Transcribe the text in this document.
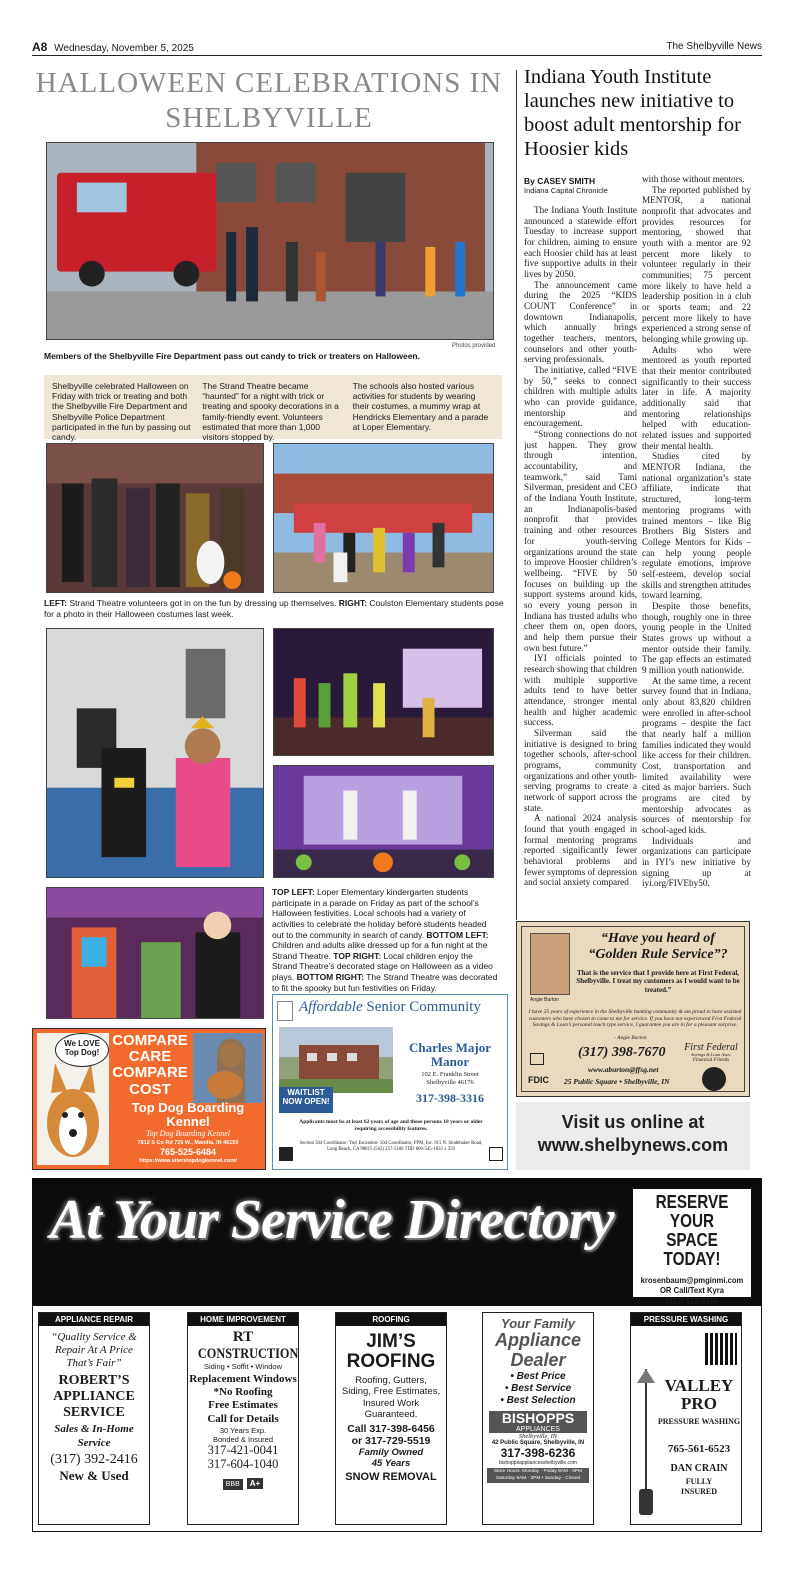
A8 Wednesday, November 5, 2025	The Shelbyville News
HALLOWEEN CELEBRATIONS IN SHELBYVILLE
Photos provided
Members of the Shelbyville Fire Department pass out candy to trick or treaters on Halloween.
Shelbyville celebrated Halloween on Friday with trick or treating and both the Shelbyville Fire Department and Shelbyville Police Department participated in the fun by passing out candy.
The Strand Theatre became “haunted” for a night with trick or treating and spooky decorations in a family-friendly event. Volunteers estimated that more than 1,000 visitors stopped by.
The schools also hosted various activities for students by wearing their costumes, a mummy wrap at Hendricks Elementary and a parade at Loper Elementary.
LEFT: Strand Theatre volunteers got in on the fun by dressing up themselves. RIGHT: Coulston Elementary students pose for a photo in their Halloween costumes last week.
TOP LEFT: Loper Elementary kindergarten students participate in a parade on Friday as part of the school’s Halloween festivities. Local schools had a variety of activities to celebrate the holiday before students headed out to the community in search of candy. BOTTOM LEFT: Children and adults alike dressed up for a fun night at the Strand Theatre. TOP RIGHT: Local children enjoy the Strand Theatre’s decorated stage on Halloween as a video plays. BOTTOM RIGHT: The Strand Theatre was decorated to fit the spooky but fun festivities on Friday.
Indiana Youth Institute launches new initiative to boost adult mentorship for Hoosier kids
By CASEY SMITH
Indiana Capital Chronicle

The Indiana Youth Institute announced a statewide effort Tuesday to increase support for children, aiming to ensure each Hoosier child has at least five supportive adults in their lives by 2050.

The announcement came during the 2025 “KIDS COUNT Conference” in downtown Indianapolis, which annually brings together teachers, mentors, counselors and other youth-serving professionals.

The initiative, called “FIVE by 50,” seeks to connect children with multiple adults who can provide guidance, mentorship and encouragement.

“Strong connections do not just happen. They grow through intention, accountability, and teamwork,” said Tami Silverman, president and CEO of the Indiana Youth Institute, an Indianapolis-based nonprofit that provides training and other resources for youth-serving organizations around the state to improve Hoosier children’s wellbeing. “FIVE by 50 focuses on building up the support systems around kids, so every young person in Indiana has trusted adults who cheer them on, open doors, and help them pursue their own best future.”

IYI officials pointed to research showing that children with multiple supportive adults tend to have better attendance, stronger mental health and higher academic success.

Silverman said the initiative is designed to bring together schools, after-school programs, community organizations and other youth-serving programs to create a network of support across the state.

A national 2024 analysis found that youth engaged in formal mentoring programs reported significantly fewer behavioral problems and fewer symptoms of depression and social anxiety compared

with those without mentors.

The reported published by MENTOR, a national nonprofit that advocates and provides resources for mentoring, showed that youth with a mentor are 92 percent more likely to volunteer regularly in their communities; 75 percent more likely to have held a leadership position in a club or sports team; and 22 percent more likely to have experienced a strong sense of belonging while growing up.

Adults who were mentored as youth reported that their mentor contributed significantly to their success later in life. A majority additionally said that mentoring relationships helped with education-related issues and supported their mental health.

Studies cited by MENTOR Indiana, the national organization’s state affiliate, indicate that structured, long-term mentoring programs with trained mentors – like Big Brothers Big Sisters and College Mentors for Kids – can help young people regulate emotions, improve self-esteem, develop social skills and strengthen attitudes toward learning.

Despite those benefits, though, roughly one in three young people in the United States grows up without a mentor outside their family. The gap effects an estimated 9 million youth nationwide.

At the same time, a recent survey found that in Indiana, only about 83,820 children were enrolled in after-school programs – despite the fact that nearly half a million families indicated they would like access for their children. Cost, transportation and limited availability were cited as major barriers. Such programs are cited by mentorship advocates as sources of mentorship for school-aged kids.

Individuals and organizations can participate in IYI’s new initiative by signing up at iyi.org/FIVEby50.

Angie Burton
“Have you heard of “Golden Rule Service”?
That is the service that I provide here at First Federal, Shelbyville. I treat my customers as I would want to be treated.”
I have 25 years of experience in the Shelbyville banking community & am proud to have assisted customers who have chosen to come to me for service. If you have not experienced First Federal Savings & Loan’s personal touch type service, I guarantee you are in for a pleasant surprise.
- Angie Burton
(317) 398-7670 First Federal
Savings & Loan Assn.
Financial Friends
www.aburton@ffsg.net
FDIC 25 Public Square • Shelbyville, IN
Visit us online at
www.shelbynews.com
We LOVE Top Dog!
COMPARE
CARE
COMPARE
COST
Top Dog Boarding Kennel
Top Dog Boarding Kennel
7812 S Co Rd 725 W., Manilla, IN 46150
765-525-6484
https://www.stierstopdogkennel.com/
Affordable Senior Community
WAITLIST NOW OPEN!
Charles Major Manor
102 E. Franklin Street
Shelbyville 46176
317-398-3316
Applicants must be at least 62 years of age and those persons 18 years or older requiring accessibility features.
Section 504 Coordinator: Yuri Escandon- 504 Coordinator, FPM, Inc. 911 N. Studebaker Road, Long Beach, CA 90815 (562) 257-5100 TDD 800-545-1833 x 359
At Your Service Directory	RESERVE YOUR
SPACE TODAY!
krosenbaum@pmginmi.com
OR Call/Text Kyra
(317) 512-5719
APPLIANCE REPAIR
“Quality Service & Repair At A Price That’s Fair”
ROBERT’S APPLIANCE SERVICE
Sales & In-Home Service
(317) 392-2416
New & Used
HOME IMPROVEMENT
RT
CONSTRUCTION
Siding • Soffit • Window
Replacement Windows
*No Roofing
Free Estimates
Call for Details
30 Years Exp.
Bonded & Insured
317-421-0041
317-604-1040
BBB A+
ROOFING
JIM’S
ROOFING
Roofing, Gutters, Siding, Free Estimates, Insured Work Guaranteed.
Call 317-398-6456
or 317-729-5519
Family Owned
45 Years
SNOW REMOVAL
Your Family
Appliance
Dealer
• Best Price
• Best Service
• Best Selection
BISHOPPS
APPLIANCES
Shelbyville, IN
42 Public Square, Shelbyville, IN
317-398-6236
bishoppsappliancesshelbyville.com
Store Hours: Monday - Friday 8AM - 5PM
Saturday 8AM - 2PM • Sunday - Closed
PRESSURE WASHING
VALLEY
PRO
PRESSURE WASHING
765-561-6523
DAN CRAIN
FULLY INSURED
